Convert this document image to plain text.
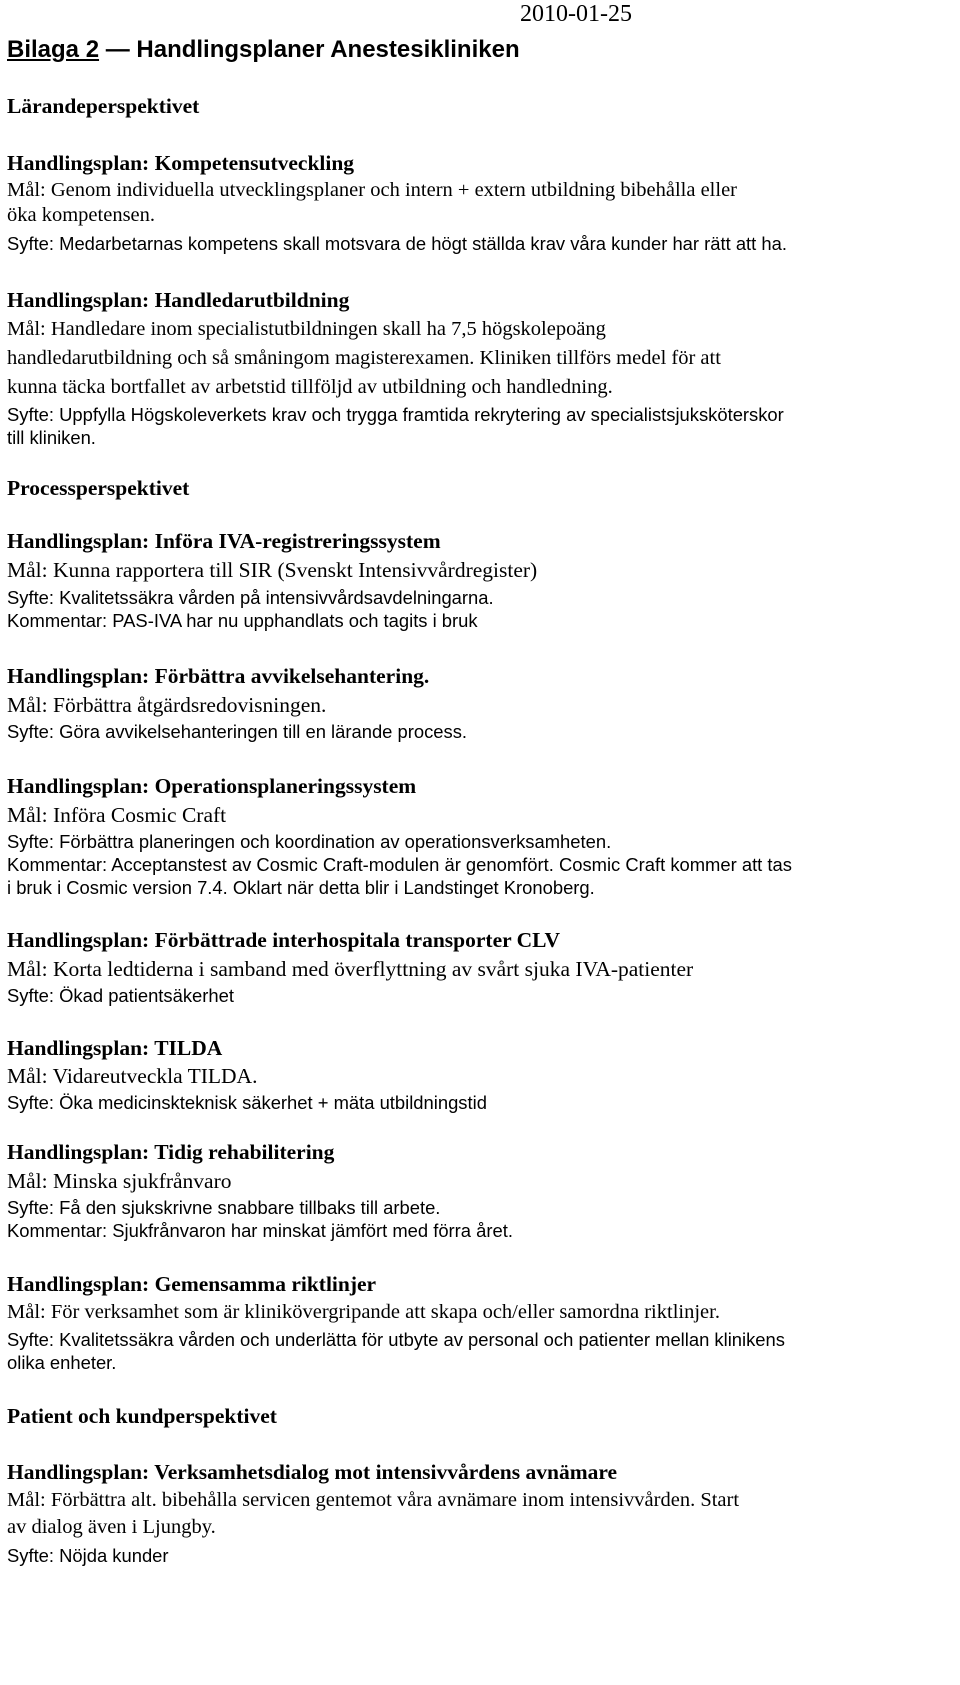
2010-01-25
Bilaga 2 — Handlingsplaner Anestesikliniken
Lärandeperspektivet
Handlingsplan: Kompetensutveckling
Mål: Genom individuella utvecklingsplaner och intern + extern utbildning bibehålla eller
öka kompetensen.
Syfte: Medarbetarnas kompetens skall motsvara de högt ställda krav våra kunder har rätt att ha.
Handlingsplan: Handledarutbildning
Mål: Handledare inom specialistutbildningen skall ha 7,5 högskolepoäng
handledarutbildning och så småningom magisterexamen. Kliniken tillförs medel för att
kunna täcka bortfallet av arbetstid tillföljd av utbildning och handledning.
Syfte: Uppfylla Högskoleverkets krav och trygga framtida rekrytering av specialistsjuksköterskor
till kliniken.
Processperspektivet
Handlingsplan: Införa IVA-registreringssystem
Mål: Kunna rapportera till SIR (Svenskt Intensivvårdregister)
Syfte: Kvalitetssäkra vården på intensivvårdsavdelningarna.
Kommentar: PAS-IVA har nu upphandlats och tagits i bruk
Handlingsplan: Förbättra avvikelsehantering.
Mål: Förbättra åtgärdsredovisningen.
Syfte: Göra avvikelsehanteringen till en lärande process.
Handlingsplan: Operationsplaneringssystem
Mål: Införa Cosmic Craft
Syfte: Förbättra planeringen och koordination av operationsverksamheten.
Kommentar: Acceptanstest av Cosmic Craft-modulen är genomfört. Cosmic Craft kommer att tas
i bruk i Cosmic version 7.4. Oklart när detta blir i Landstinget Kronoberg.
Handlingsplan: Förbättrade interhospitala transporter CLV
Mål: Korta ledtiderna i samband med överflyttning av svårt sjuka IVA-patienter
Syfte: Ökad patientsäkerhet
Handlingsplan: TILDA
Mål: Vidareutveckla TILDA.
Syfte: Öka medicinskteknisk säkerhet + mäta utbildningstid
Handlingsplan: Tidig rehabilitering
Mål: Minska sjukfrånvaro
Syfte: Få den sjukskrivne snabbare tillbaks till arbete.
Kommentar: Sjukfrånvaron har minskat jämfört med förra året.
Handlingsplan: Gemensamma riktlinjer
Mål: För verksamhet som är klinikövergripande att skapa och/eller samordna riktlinjer.
Syfte: Kvalitetssäkra vården och underlätta för utbyte av personal och patienter mellan klinikens
olika enheter.
Patient och kundperspektivet
Handlingsplan: Verksamhetsdialog mot intensivvårdens avnämare
Mål: Förbättra alt. bibehålla servicen gentemot våra avnämare inom intensivvården. Start
av dialog även i Ljungby.
Syfte: Nöjda kunder
